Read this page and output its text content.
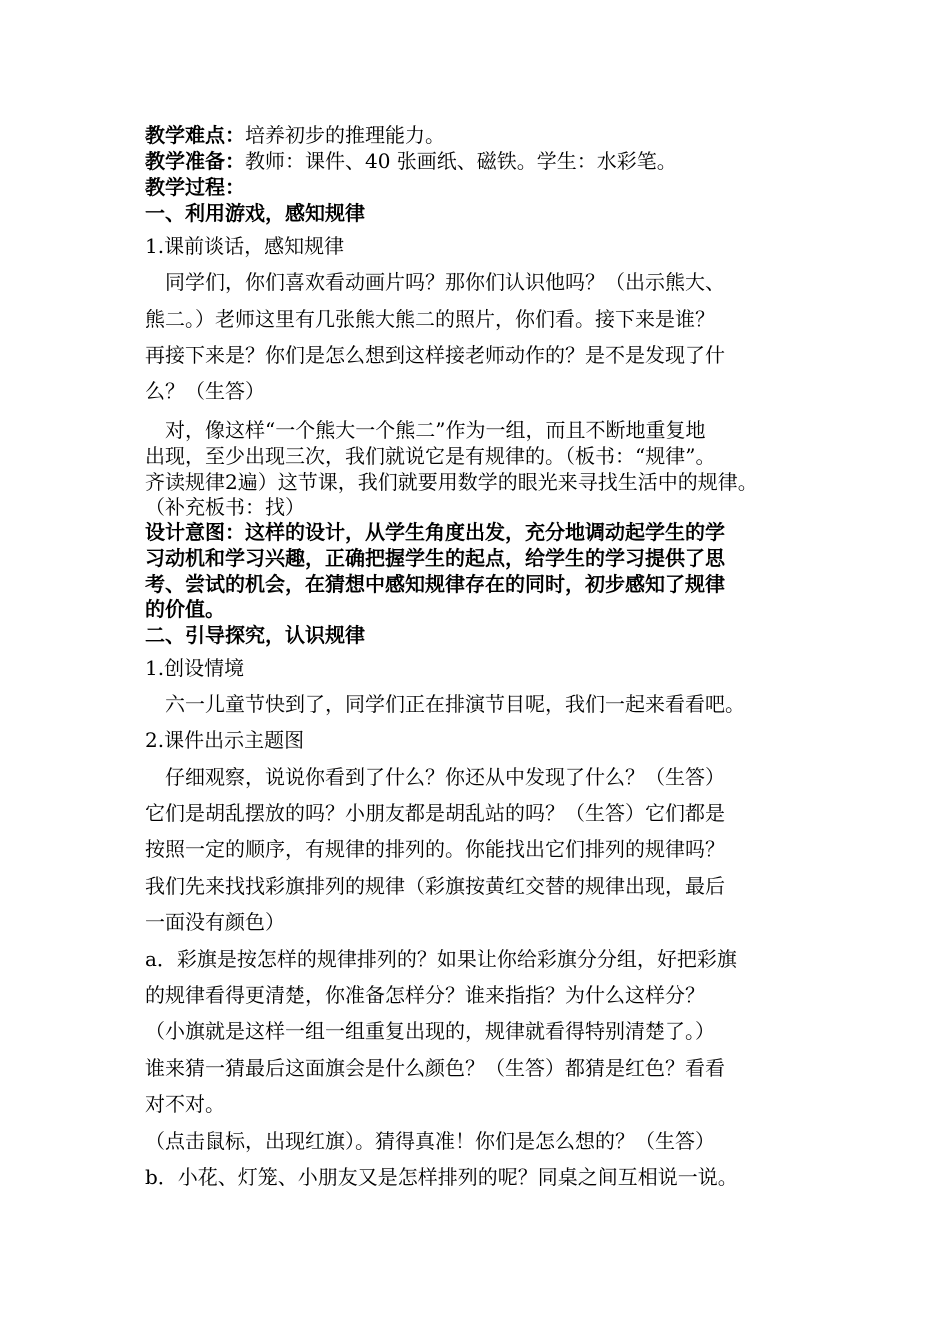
教学难点：培养初步的推理能力。
教学准备：教师：课件、40 张画纸、磁铁。学生：水彩笔。
教学过程：
一、利用游戏，感知规律
1.课前谈话，感知规律
同学们，你们喜欢看动画片吗？那你们认识他吗？（出示熊大、
熊二。）老师这里有几张熊大熊二的照片，你们看。接下来是谁？
再接下来是？你们是怎么想到这样接老师动作的？是不是发现了什
么？（生答）
对，像这样“一个熊大一个熊二”作为一组，而且不断地重复地
出现，至少出现三次，我们就说它是有规律的。（板书：“规律”。
齐读规律2遍）这节课，我们就要用数学的眼光来寻找生活中的规律。
（补充板书：找）
设计意图：这样的设计，从学生角度出发，充分地调动起学生的学
习动机和学习兴趣，正确把握学生的起点，给学生的学习提供了思
考、尝试的机会，在猜想中感知规律存在的同时，初步感知了规律
的价值。
二、引导探究，认识规律
1.创设情境
六一儿童节快到了，同学们正在排演节目呢，我们一起来看看吧。
2.课件出示主题图
仔细观察，说说你看到了什么？你还从中发现了什么？（生答）
它们是胡乱摆放的吗？小朋友都是胡乱站的吗？（生答）它们都是
按照一定的顺序，有规律的排列的。你能找出它们排列的规律吗？
我们先来找找彩旗排列的规律（彩旗按黄红交替的规律出现，最后
一面没有颜色）
a．彩旗是按怎样的规律排列的？如果让你给彩旗分分组，好把彩旗
的规律看得更清楚，你准备怎样分？谁来指指？为什么这样分？
（小旗就是这样一组一组重复出现的，规律就看得特别清楚了。）
谁来猜一猜最后这面旗会是什么颜色？（生答）都猜是红色？看看
对不对。
（点击鼠标，出现红旗）。猜得真准！你们是怎么想的？（生答）
b．小花、灯笼、小朋友又是怎样排列的呢？同桌之间互相说一说。
